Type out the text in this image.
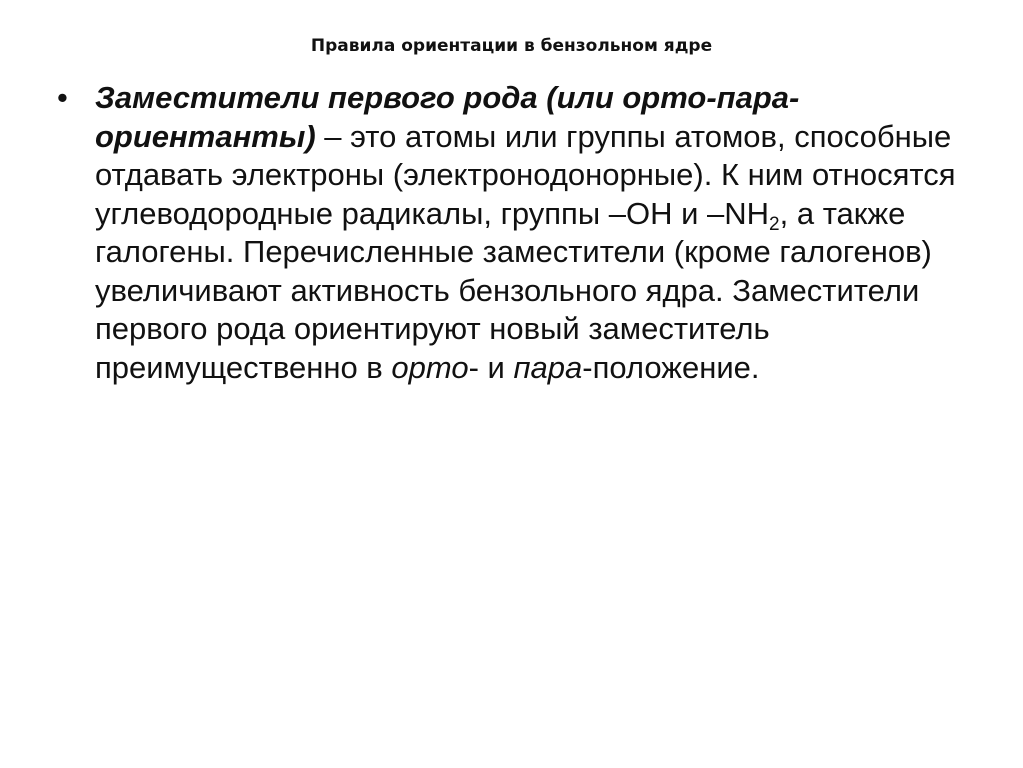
Правила ориентации в бензольном ядре
• Заместители первого рода (или орто-пара-ориентанты) – это атомы или группы атомов, способные отдавать электроны (электронодонорные). К ним относятся углеводородные радикалы, группы –ОН и $-NH_2$, а также галогены. Перечисленные заместители (кроме галогенов) увеличивают активность бензольного ядра. Заместители первого рода ориентируют новый заместитель преимущественно в орто- и пара-положение.
